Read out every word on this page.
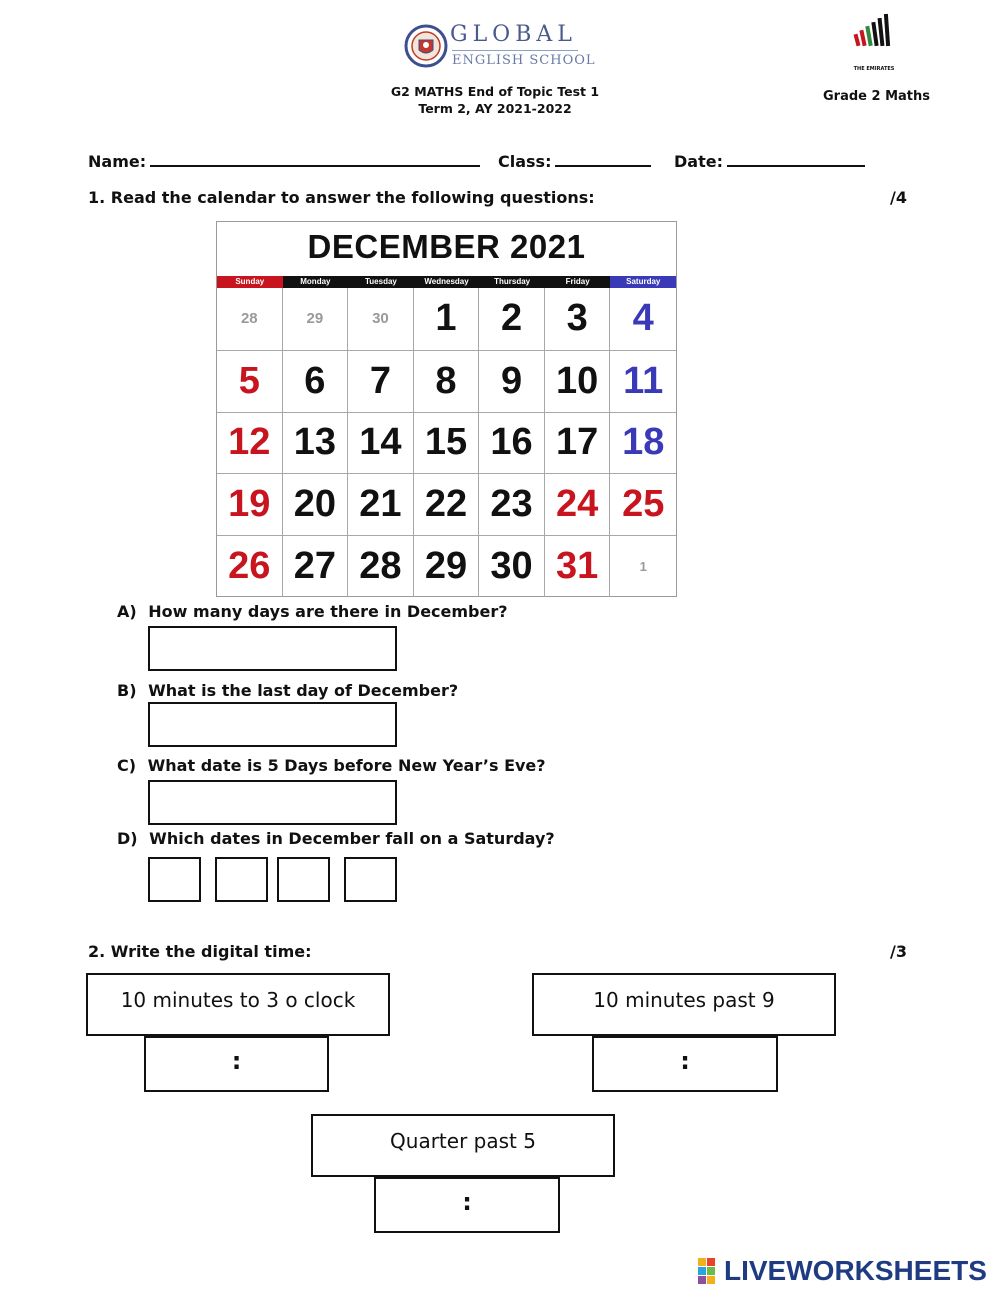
GLOBAL
ENGLISH SCHOOL
G2 MATHS End of Topic Test 1
Term 2, AY 2021-2022
THE EMIRATES
Grade 2 Maths
Name:	Class:	Date:
1. Read the calendar to answer the following questions:	/4
DECEMBER 2021
Sunday	Monday	Tuesday	Wednesday	Thursday	Friday	Saturday
28	29	30	1	2	3	4
5	6	7	8	9 10 11
12 13 14 15 16 17 18
19 20 21 22 23 24 25
26 27 28 29 30 31	1
A) How many days are there in December?
B) What is the last day of December?
C) What date is 5 Days before New Year’s Eve?
D) Which dates in December fall on a Saturday?
2. Write the digital time:	/3
10 minutes to 3 o clock
:
10 minutes past 9
:
Quarter past 5
:
LIVEWORKSHEETS
